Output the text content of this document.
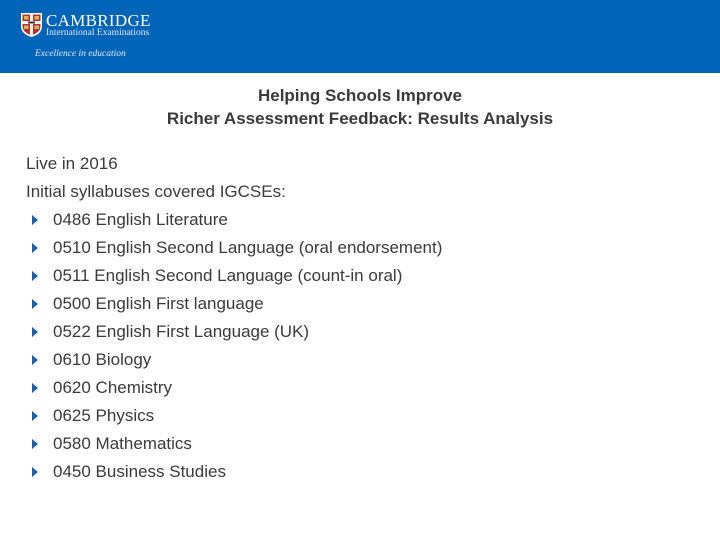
CAMBRIDGE
International Examinations
Excellence in education
Helping Schools Improve
Richer Assessment Feedback: Results Analysis
Live in 2016
Initial syllabuses covered IGCSEs:
0486 English Literature
0510 English Second Language (oral endorsement)
0511 English Second Language (count-in oral)
0500 English First language
0522 English First Language (UK)
0610 Biology
0620 Chemistry
0625 Physics
0580 Mathematics
0450 Business Studies
